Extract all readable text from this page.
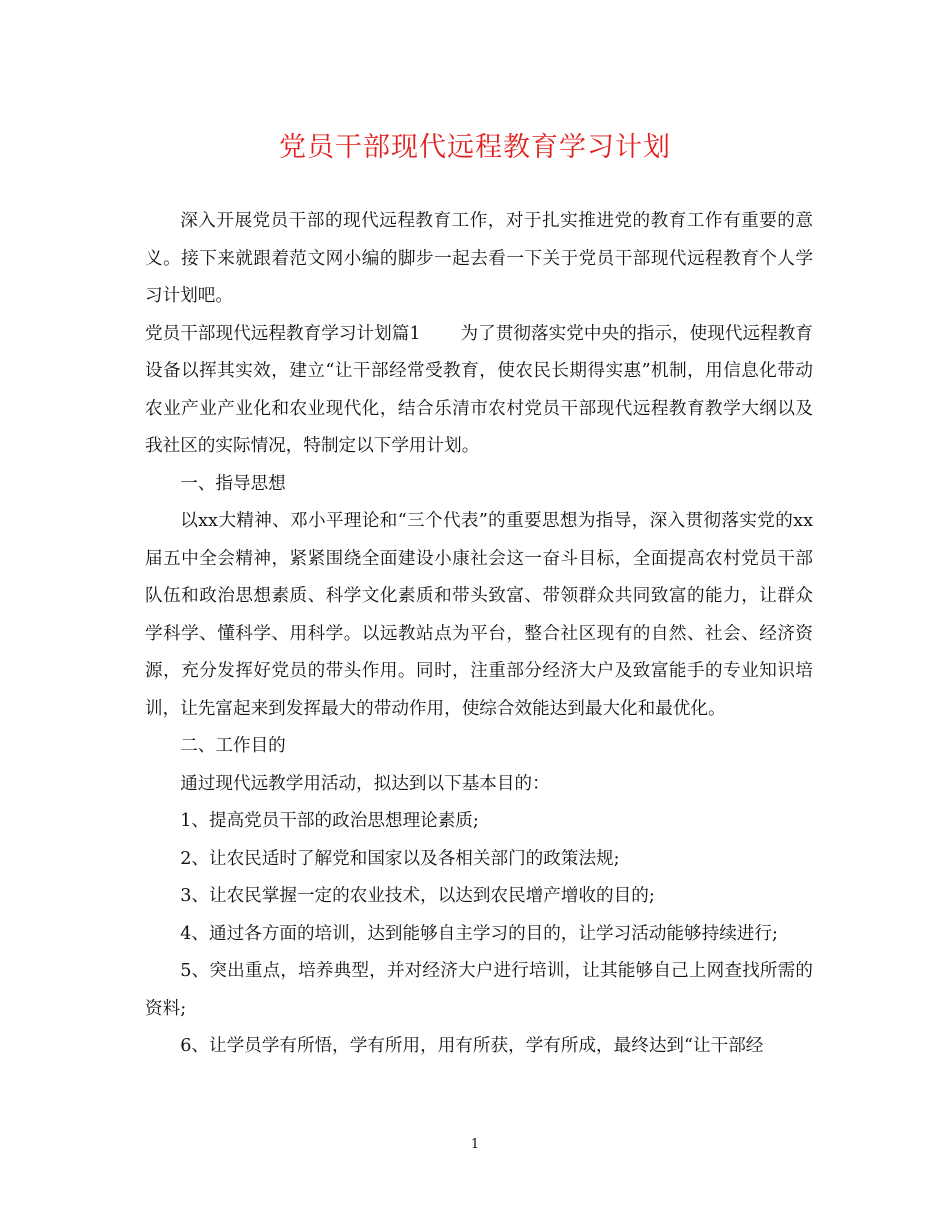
党员干部现代远程教育学习计划

深入开展党员干部的现代远程教育工作，对于扎实推进党的教育工作有重要的意义。接下来就跟着范文网小编的脚步一起去看一下关于党员干部现代远程教育个人学习计划吧。

党员干部现代远程教育学习计划篇1 为了贯彻落实党中央的指示，使现代远程教育设备以挥其实效，建立“让干部经常受教育，使农民长期得实惠”机制，用信息化带动农业产业产业化和农业现代化，结合乐清市农村党员干部现代远程教育教学大纲以及我社区的实际情况，特制定以下学用计划。

一、指导思想

以xx大精神、邓小平理论和“三个代表”的重要思想为指导，深入贯彻落实党的xx届五中全会精神，紧紧围绕全面建设小康社会这一奋斗目标，全面提高农村党员干部队伍和政治思想素质、科学文化素质和带头致富、带领群众共同致富的能力，让群众学科学、懂科学、用科学。以远教站点为平台，整合社区现有的自然、社会、经济资源，充分发挥好党员的带头作用。同时，注重部分经济大户及致富能手的专业知识培训，让先富起来到发挥最大的带动作用，使综合效能达到最大化和最优化。

二、工作目的

通过现代远教学用活动，拟达到以下基本目的：

1、提高党员干部的政治思想理论素质;

2、让农民适时了解党和国家以及各相关部门的政策法规;

3、让农民掌握一定的农业技术，以达到农民增产增收的目的;

4、通过各方面的培训，达到能够自主学习的目的，让学习活动能够持续进行;

5、突出重点，培养典型，并对经济大户进行培训，让其能够自己上网查找所需的资料;

6、让学员学有所悟，学有所用，用有所获，学有所成，最终达到“让干部经

1
